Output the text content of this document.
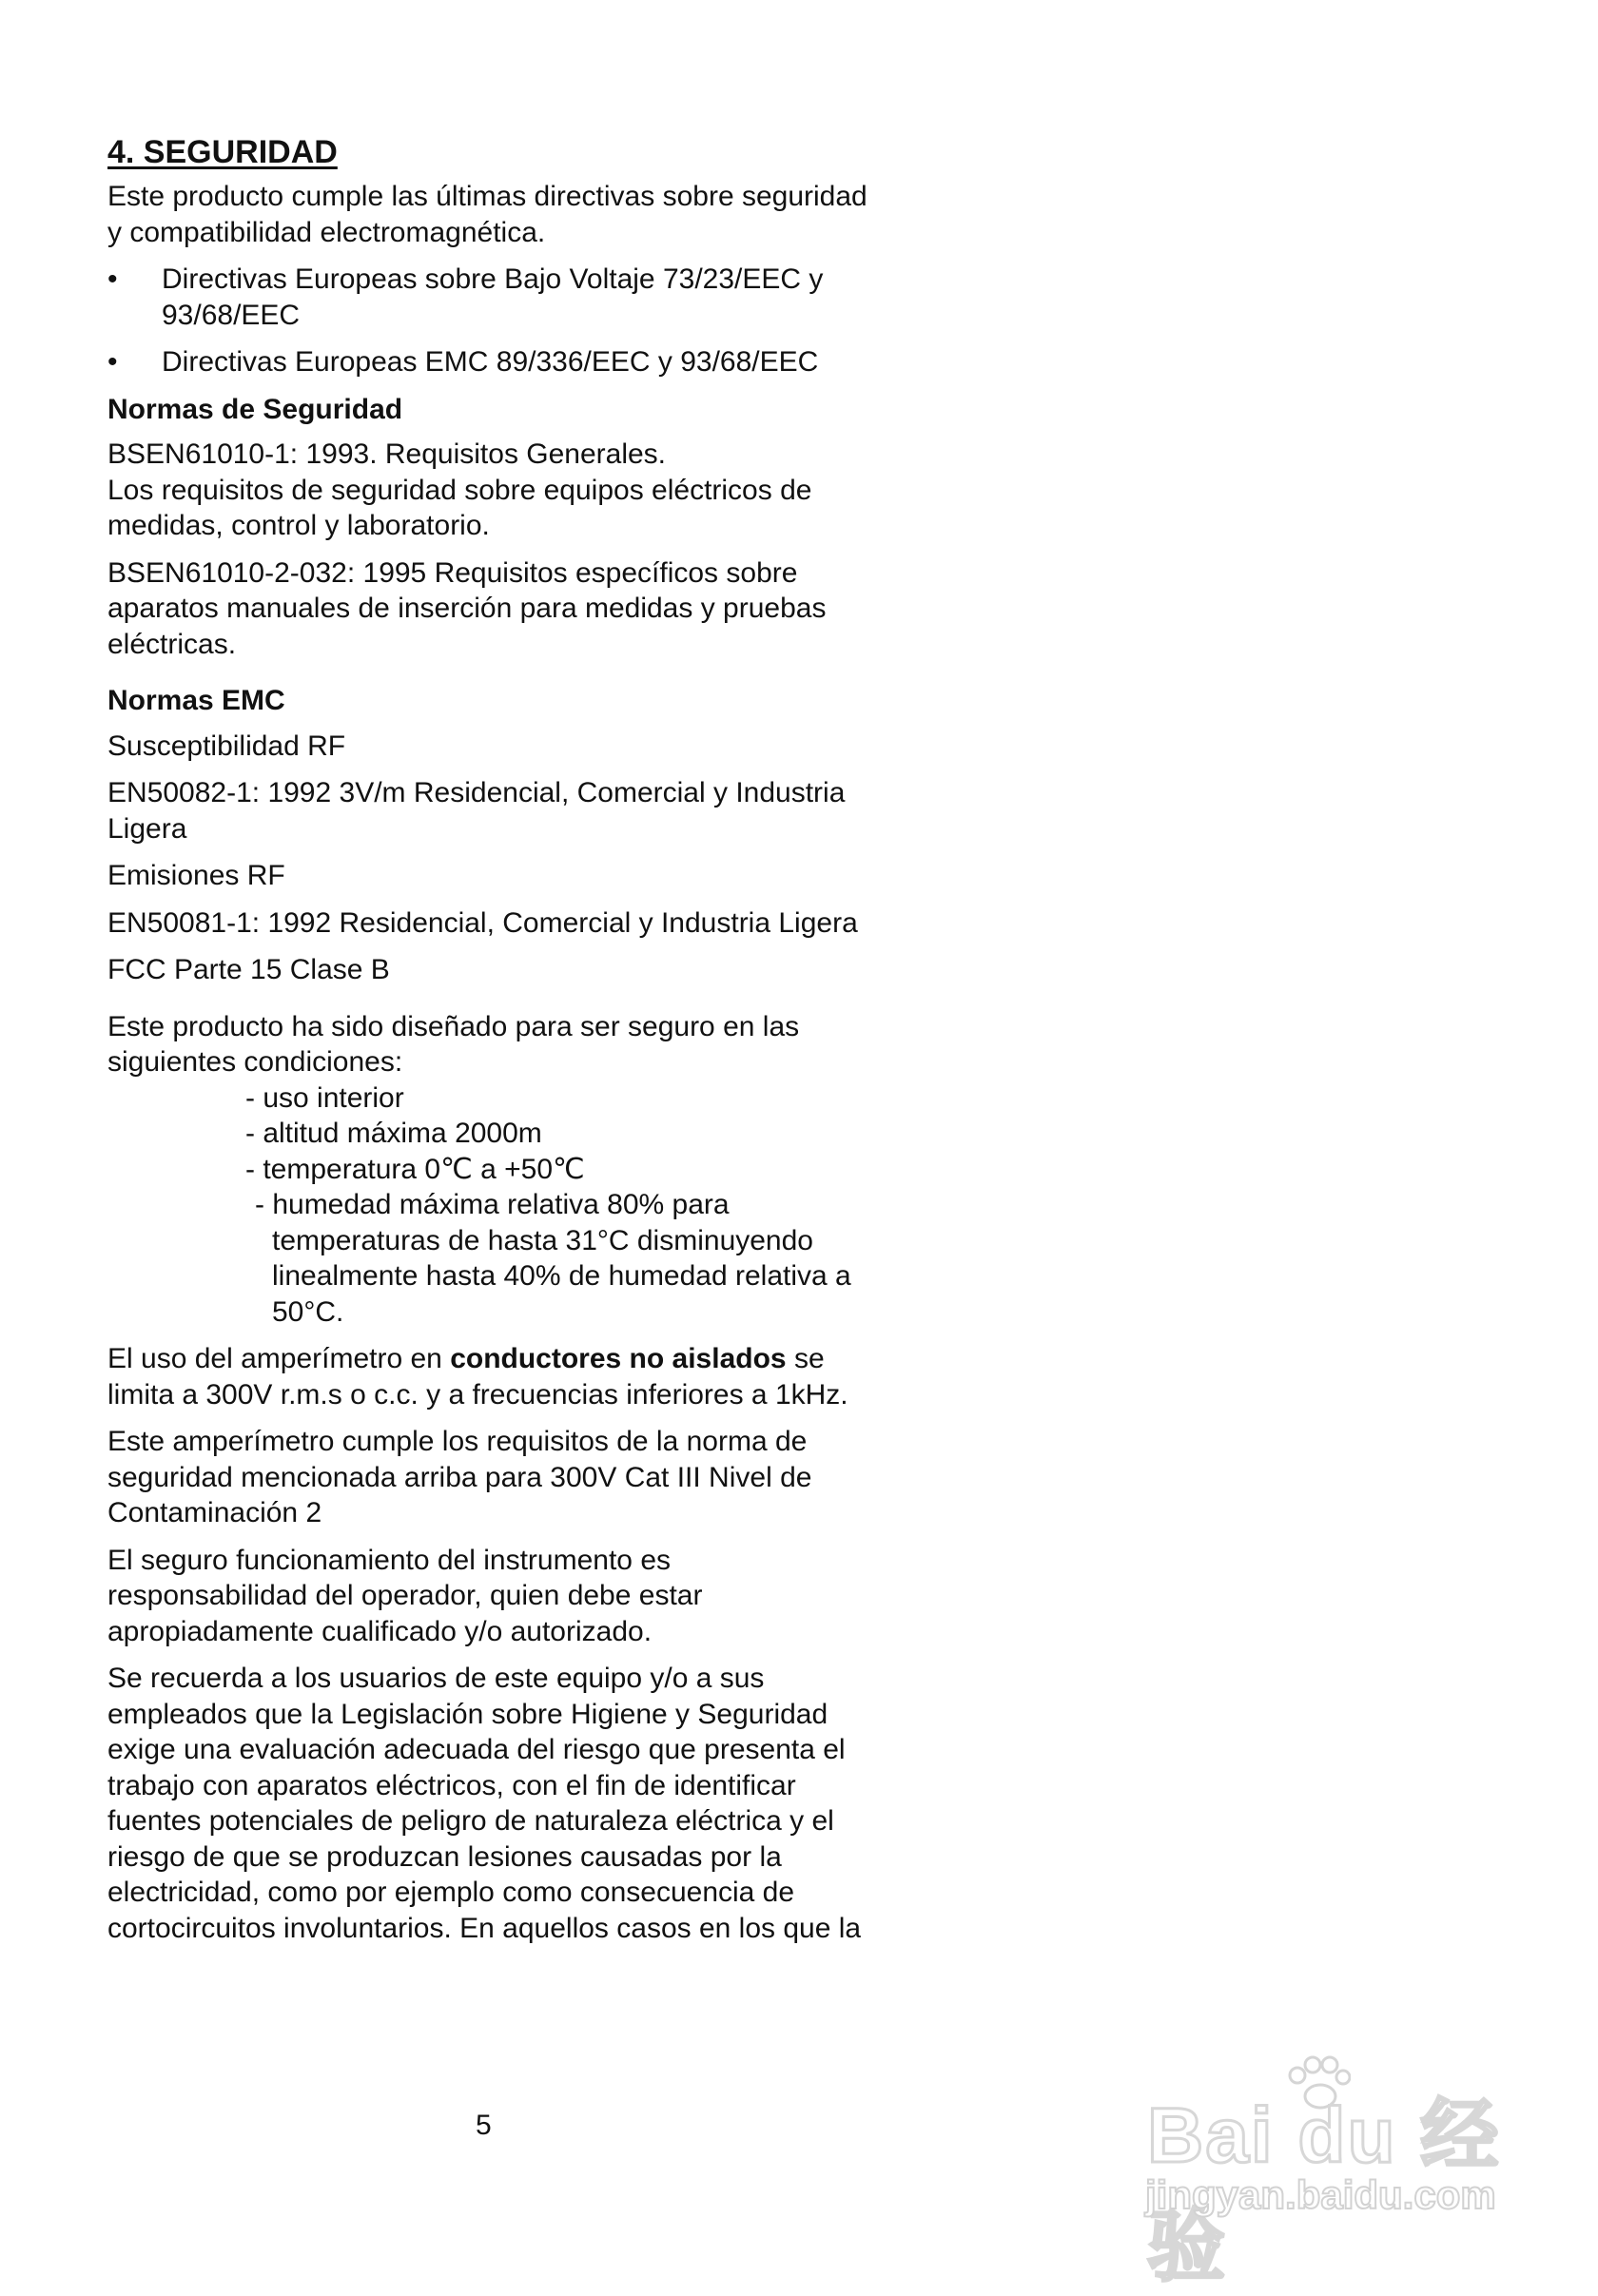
4. SEGURIDAD

Este producto cumple las últimas directivas sobre seguridad y compatibilidad electromagnética.

• Directivas Europeas sobre Bajo Voltaje 73/23/EEC y 93/68/EEC
• Directivas Europeas EMC 89/336/EEC y 93/68/EEC
Normas de Seguridad

BSEN61010-1: 1993. Requisitos Generales.
Los requisitos de seguridad sobre equipos eléctricos de medidas, control y laboratorio.

BSEN61010-2-032: 1995 Requisitos específicos sobre aparatos manuales de inserción para medidas y pruebas eléctricas.

Normas EMC

Susceptibilidad RF

EN50082-1: 1992 3V/m Residencial, Comercial y Industria Ligera

Emisiones RF

EN50081-1: 1992 Residencial, Comercial y Industria Ligera

FCC Parte 15 Clase B

Este producto ha sido diseñado para ser seguro en las siguientes condiciones:

- uso interior
- altitud máxima 2000m
- temperatura 0℃ a +50℃
- humedad máxima relativa 80% para temperaturas de hasta 31°C disminuyendo linealmente hasta 40% de humedad relativa a 50°C.

El uso del amperímetro en conductores no aislados se limita a 300V r.m.s o c.c. y a frecuencias inferiores a 1kHz.

Este amperímetro cumple los requisitos de la norma de seguridad mencionada arriba para 300V Cat III Nivel de Contaminación 2

El seguro funcionamiento del instrumento es responsabilidad del operador, quien debe estar apropiadamente cualificado y/o autorizado.

Se recuerda a los usuarios de este equipo y/o a sus empleados que la Legislación sobre Higiene y Seguridad exige una evaluación adecuada del riesgo que presenta el trabajo con aparatos eléctricos, con el fin de identificar fuentes potenciales de peligro de naturaleza eléctrica y el riesgo de que se produzcan lesiones causadas por la electricidad, como por ejemplo como consecuencia de cortocircuitos involuntarios. En aquellos casos en los que la

5	Bai du 经验
jingyan.baidu.com
